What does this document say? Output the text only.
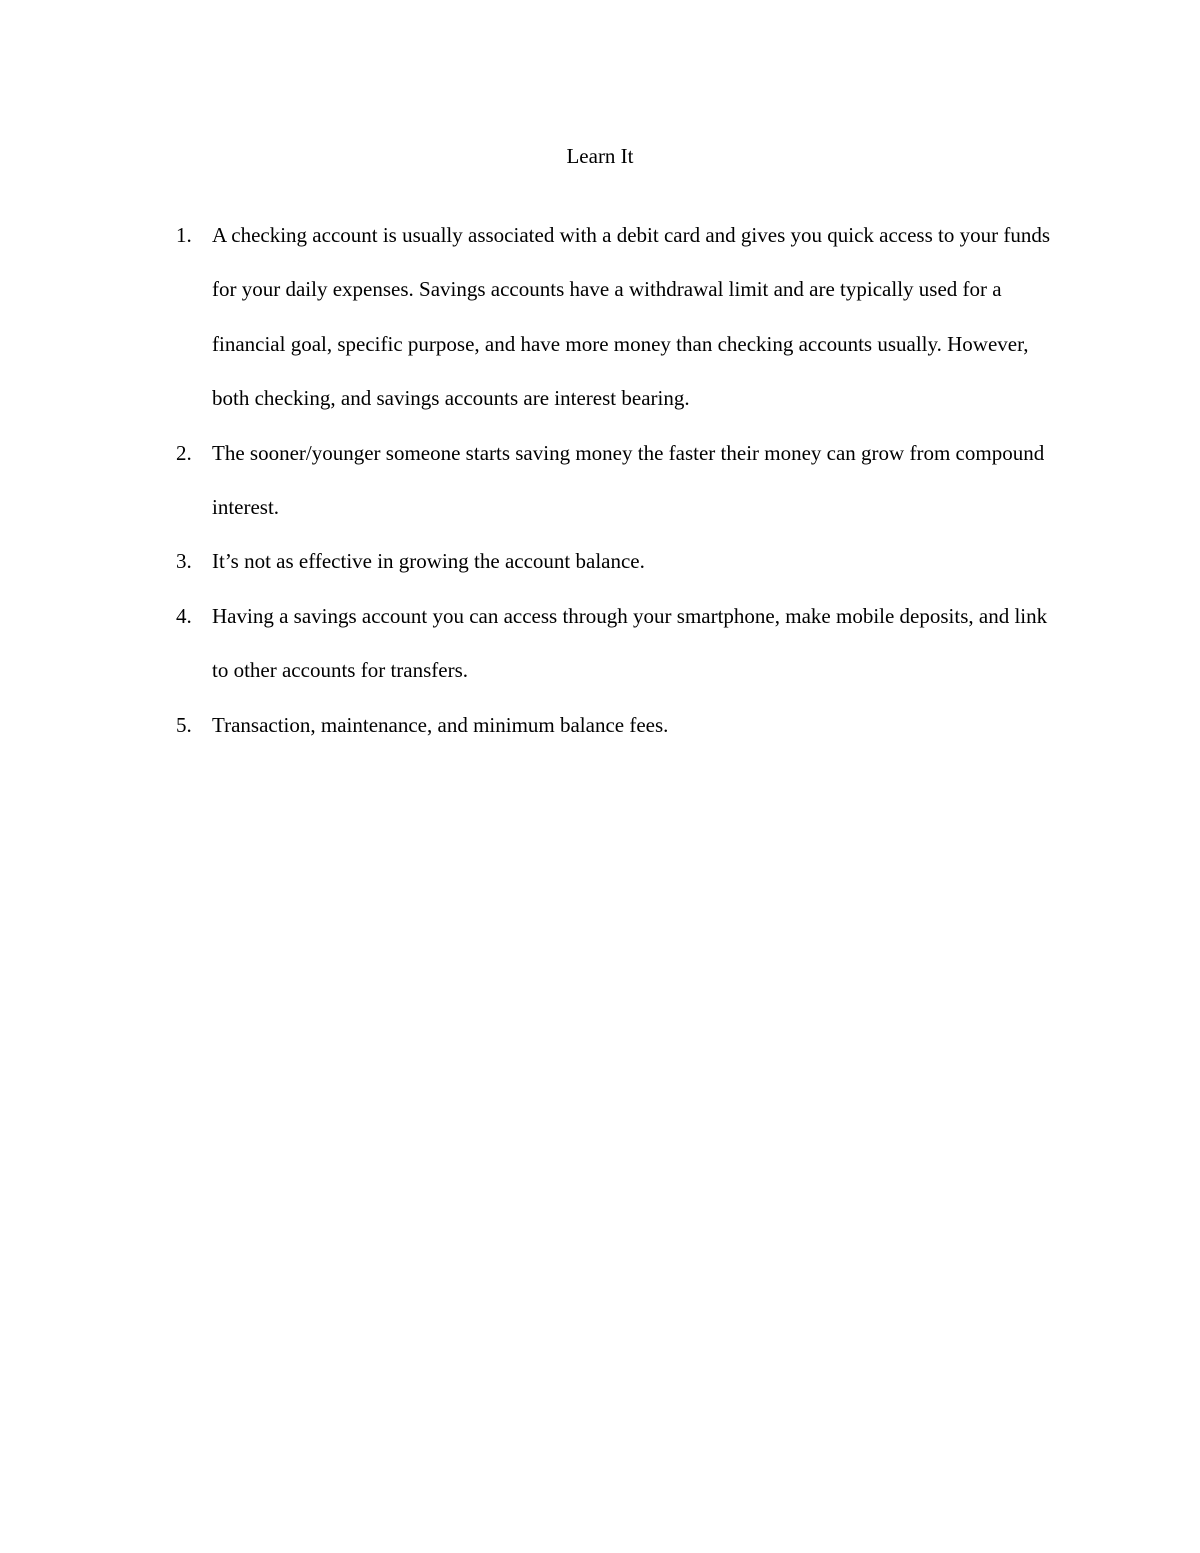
Learn It
1. A checking account is usually associated with a debit card and gives you quick access to your funds for your daily expenses. Savings accounts have a withdrawal limit and are typically used for a financial goal, specific purpose, and have more money than checking accounts usually. However, both checking, and savings accounts are interest bearing.
2. The sooner/younger someone starts saving money the faster their money can grow from compound interest.
3. It’s not as effective in growing the account balance.
4. Having a savings account you can access through your smartphone, make mobile deposits, and link to other accounts for transfers.
5. Transaction, maintenance, and minimum balance fees.
